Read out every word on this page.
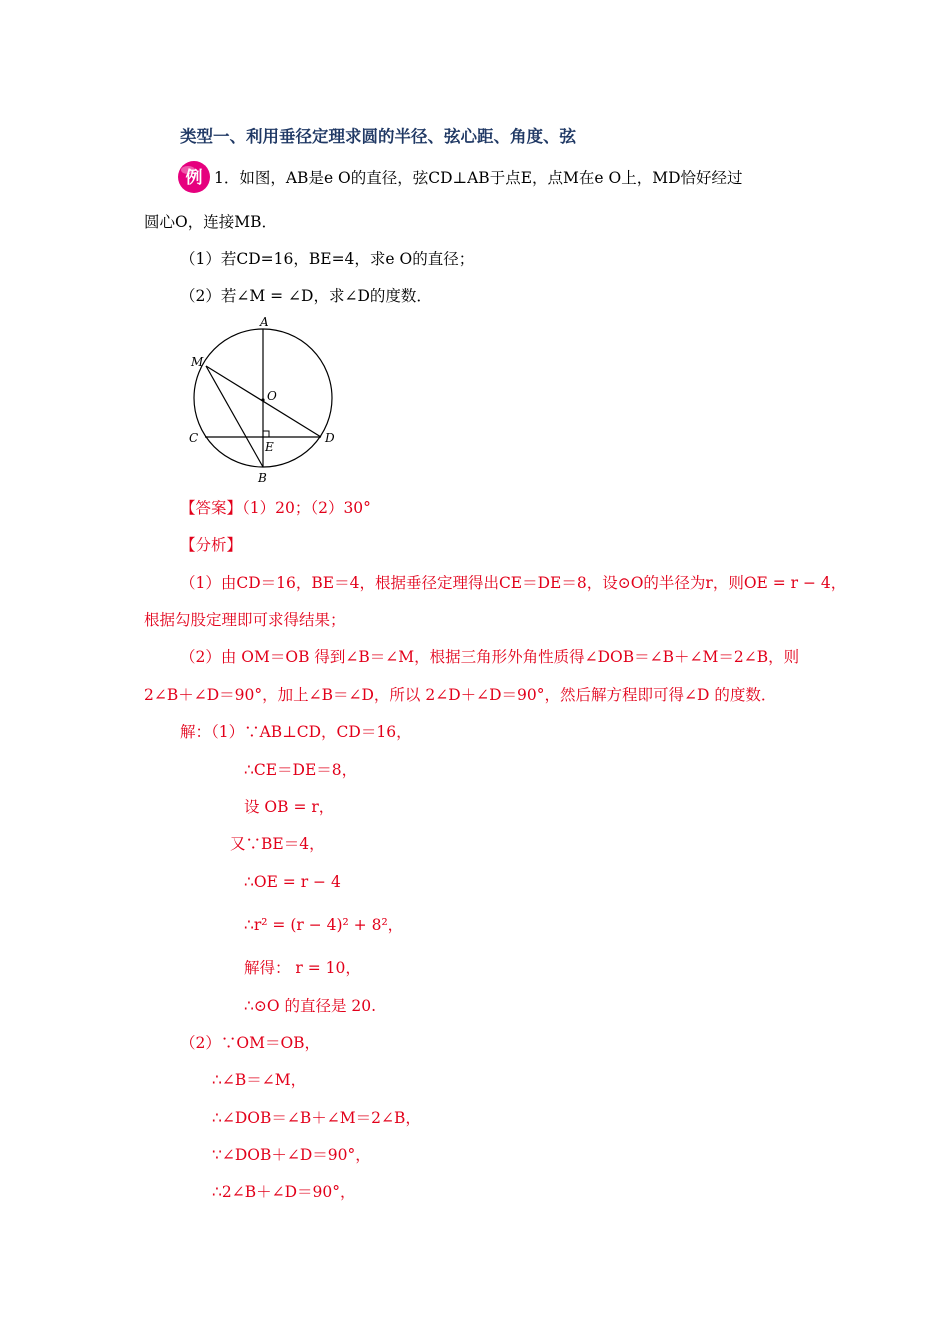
类型一、利用垂径定理求圆的半径、弦心距、角度、弦
例 1．如图，AB是e O的直径，弦CD⊥AB于点E，点M在e O上，MD恰好经过
圆心O，连接MB．
（1）若CD=16，BE=4，求e O的直径；
（2）若∠M = ∠D，求∠D的度数．
A
M
O
C	D
E
B
【答案】（1）20；（2）30°
【分析】
（1）由CD＝16，BE＝4，根据垂径定理得出CE＝DE＝8，设⊙O的半径为r，则OE = r − 4，
根据勾股定理即可求得结果；
（2）由 OM＝OB 得到∠B＝∠M，根据三角形外角性质得∠DOB＝∠B＋∠M＝2∠B，则
2∠B＋∠D＝90°，加上∠B＝∠D，所以 2∠D＋∠D＝90°，然后解方程即可得∠D 的度数．
解：（1）∵AB⊥CD，CD＝16，
∴CE＝DE＝8，
设 OB = r，
又∵BE＝4，
∴OE = r − 4
∴r² = (r − 4)² + 8²，
解得： r = 10，
∴⊙O 的直径是 20.
（2）∵OM＝OB，
∴∠B＝∠M，
∴∠DOB＝∠B＋∠M＝2∠B，
∵∠DOB＋∠D＝90°，
∴2∠B＋∠D＝90°，
